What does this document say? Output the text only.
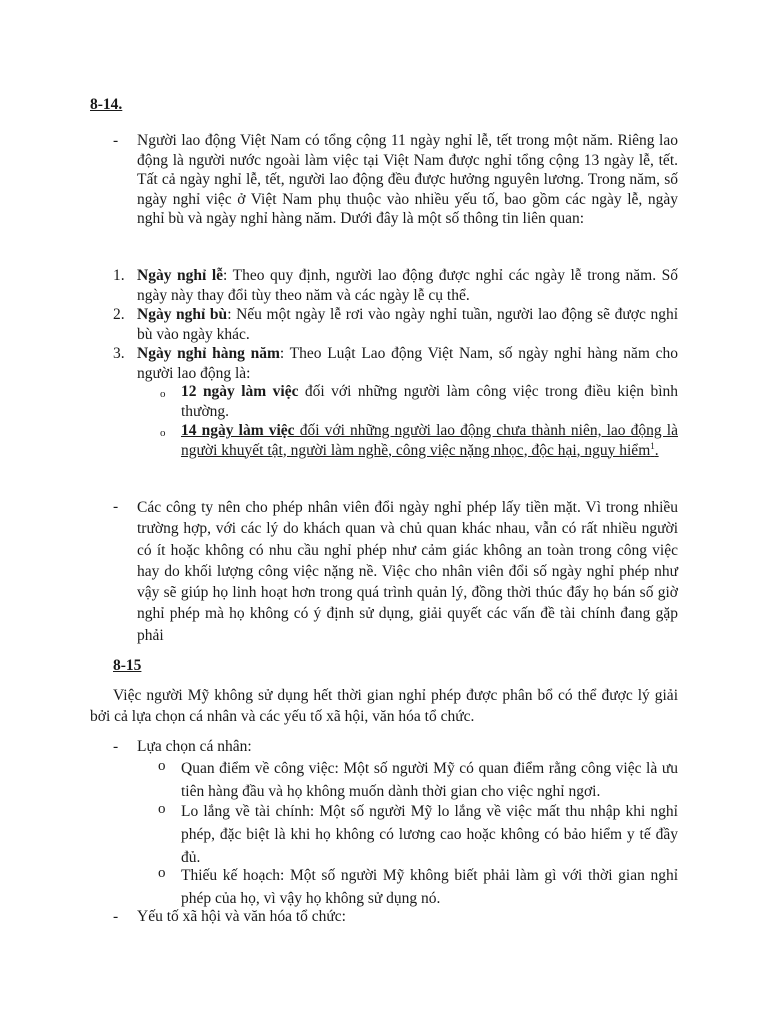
8-14.
- Người lao động Việt Nam có tổng cộng 11 ngày nghỉ lễ, tết trong một năm. Riêng lao động là người nước ngoài làm việc tại Việt Nam được nghỉ tổng cộng 13 ngày lễ, tết. Tất cả ngày nghỉ lễ, tết, người lao động đều được hưởng nguyên lương. Trong năm, số ngày nghỉ việc ở Việt Nam phụ thuộc vào nhiều yếu tố, bao gồm các ngày lễ, ngày nghỉ bù và ngày nghỉ hàng năm. Dưới đây là một số thông tin liên quan:
1. Ngày nghỉ lễ: Theo quy định, người lao động được nghỉ các ngày lễ trong năm. Số ngày này thay đổi tùy theo năm và các ngày lễ cụ thể.
2. Ngày nghỉ bù: Nếu một ngày lễ rơi vào ngày nghỉ tuần, người lao động sẽ được nghỉ bù vào ngày khác.
3. Ngày nghỉ hàng năm: Theo Luật Lao động Việt Nam, số ngày nghỉ hàng năm cho người lao động là:
o 12 ngày làm việc đối với những người làm công việc trong điều kiện bình thường.
o 14 ngày làm việc đối với những người lao động chưa thành niên, lao động là người khuyết tật, người làm nghề, công việc nặng nhọc, độc hại, nguy hiểm$^1$.
- Các công ty nên cho phép nhân viên đổi ngày nghỉ phép lấy tiền mặt. Vì trong nhiều trường hợp, với các lý do khách quan và chủ quan khác nhau, vẫn có rất nhiều người có ít hoặc không có nhu cầu nghỉ phép như cảm giác không an toàn trong công việc hay do khối lượng công việc nặng nề. Việc cho nhân viên đổi số ngày nghỉ phép như vậy sẽ giúp họ linh hoạt hơn trong quá trình quản lý, đồng thời thúc đẩy họ bán số giờ nghỉ phép mà họ không có ý định sử dụng, giải quyết các vấn đề tài chính đang gặp phải
8-15
Việc người Mỹ không sử dụng hết thời gian nghỉ phép được phân bổ có thể được lý giải bởi cả lựa chọn cá nhân và các yếu tố xã hội, văn hóa tổ chức.
- Lựa chọn cá nhân:
o Quan điểm về công việc: Một số người Mỹ có quan điểm rằng công việc là ưu tiên hàng đầu và họ không muốn dành thời gian cho việc nghỉ ngơi.
o Lo lắng về tài chính: Một số người Mỹ lo lắng về việc mất thu nhập khi nghỉ phép, đặc biệt là khi họ không có lương cao hoặc không có bảo hiểm y tế đầy đủ.
o Thiếu kế hoạch: Một số người Mỹ không biết phải làm gì với thời gian nghỉ phép của họ, vì vậy họ không sử dụng nó.
- Yếu tố xã hội và văn hóa tổ chức:
